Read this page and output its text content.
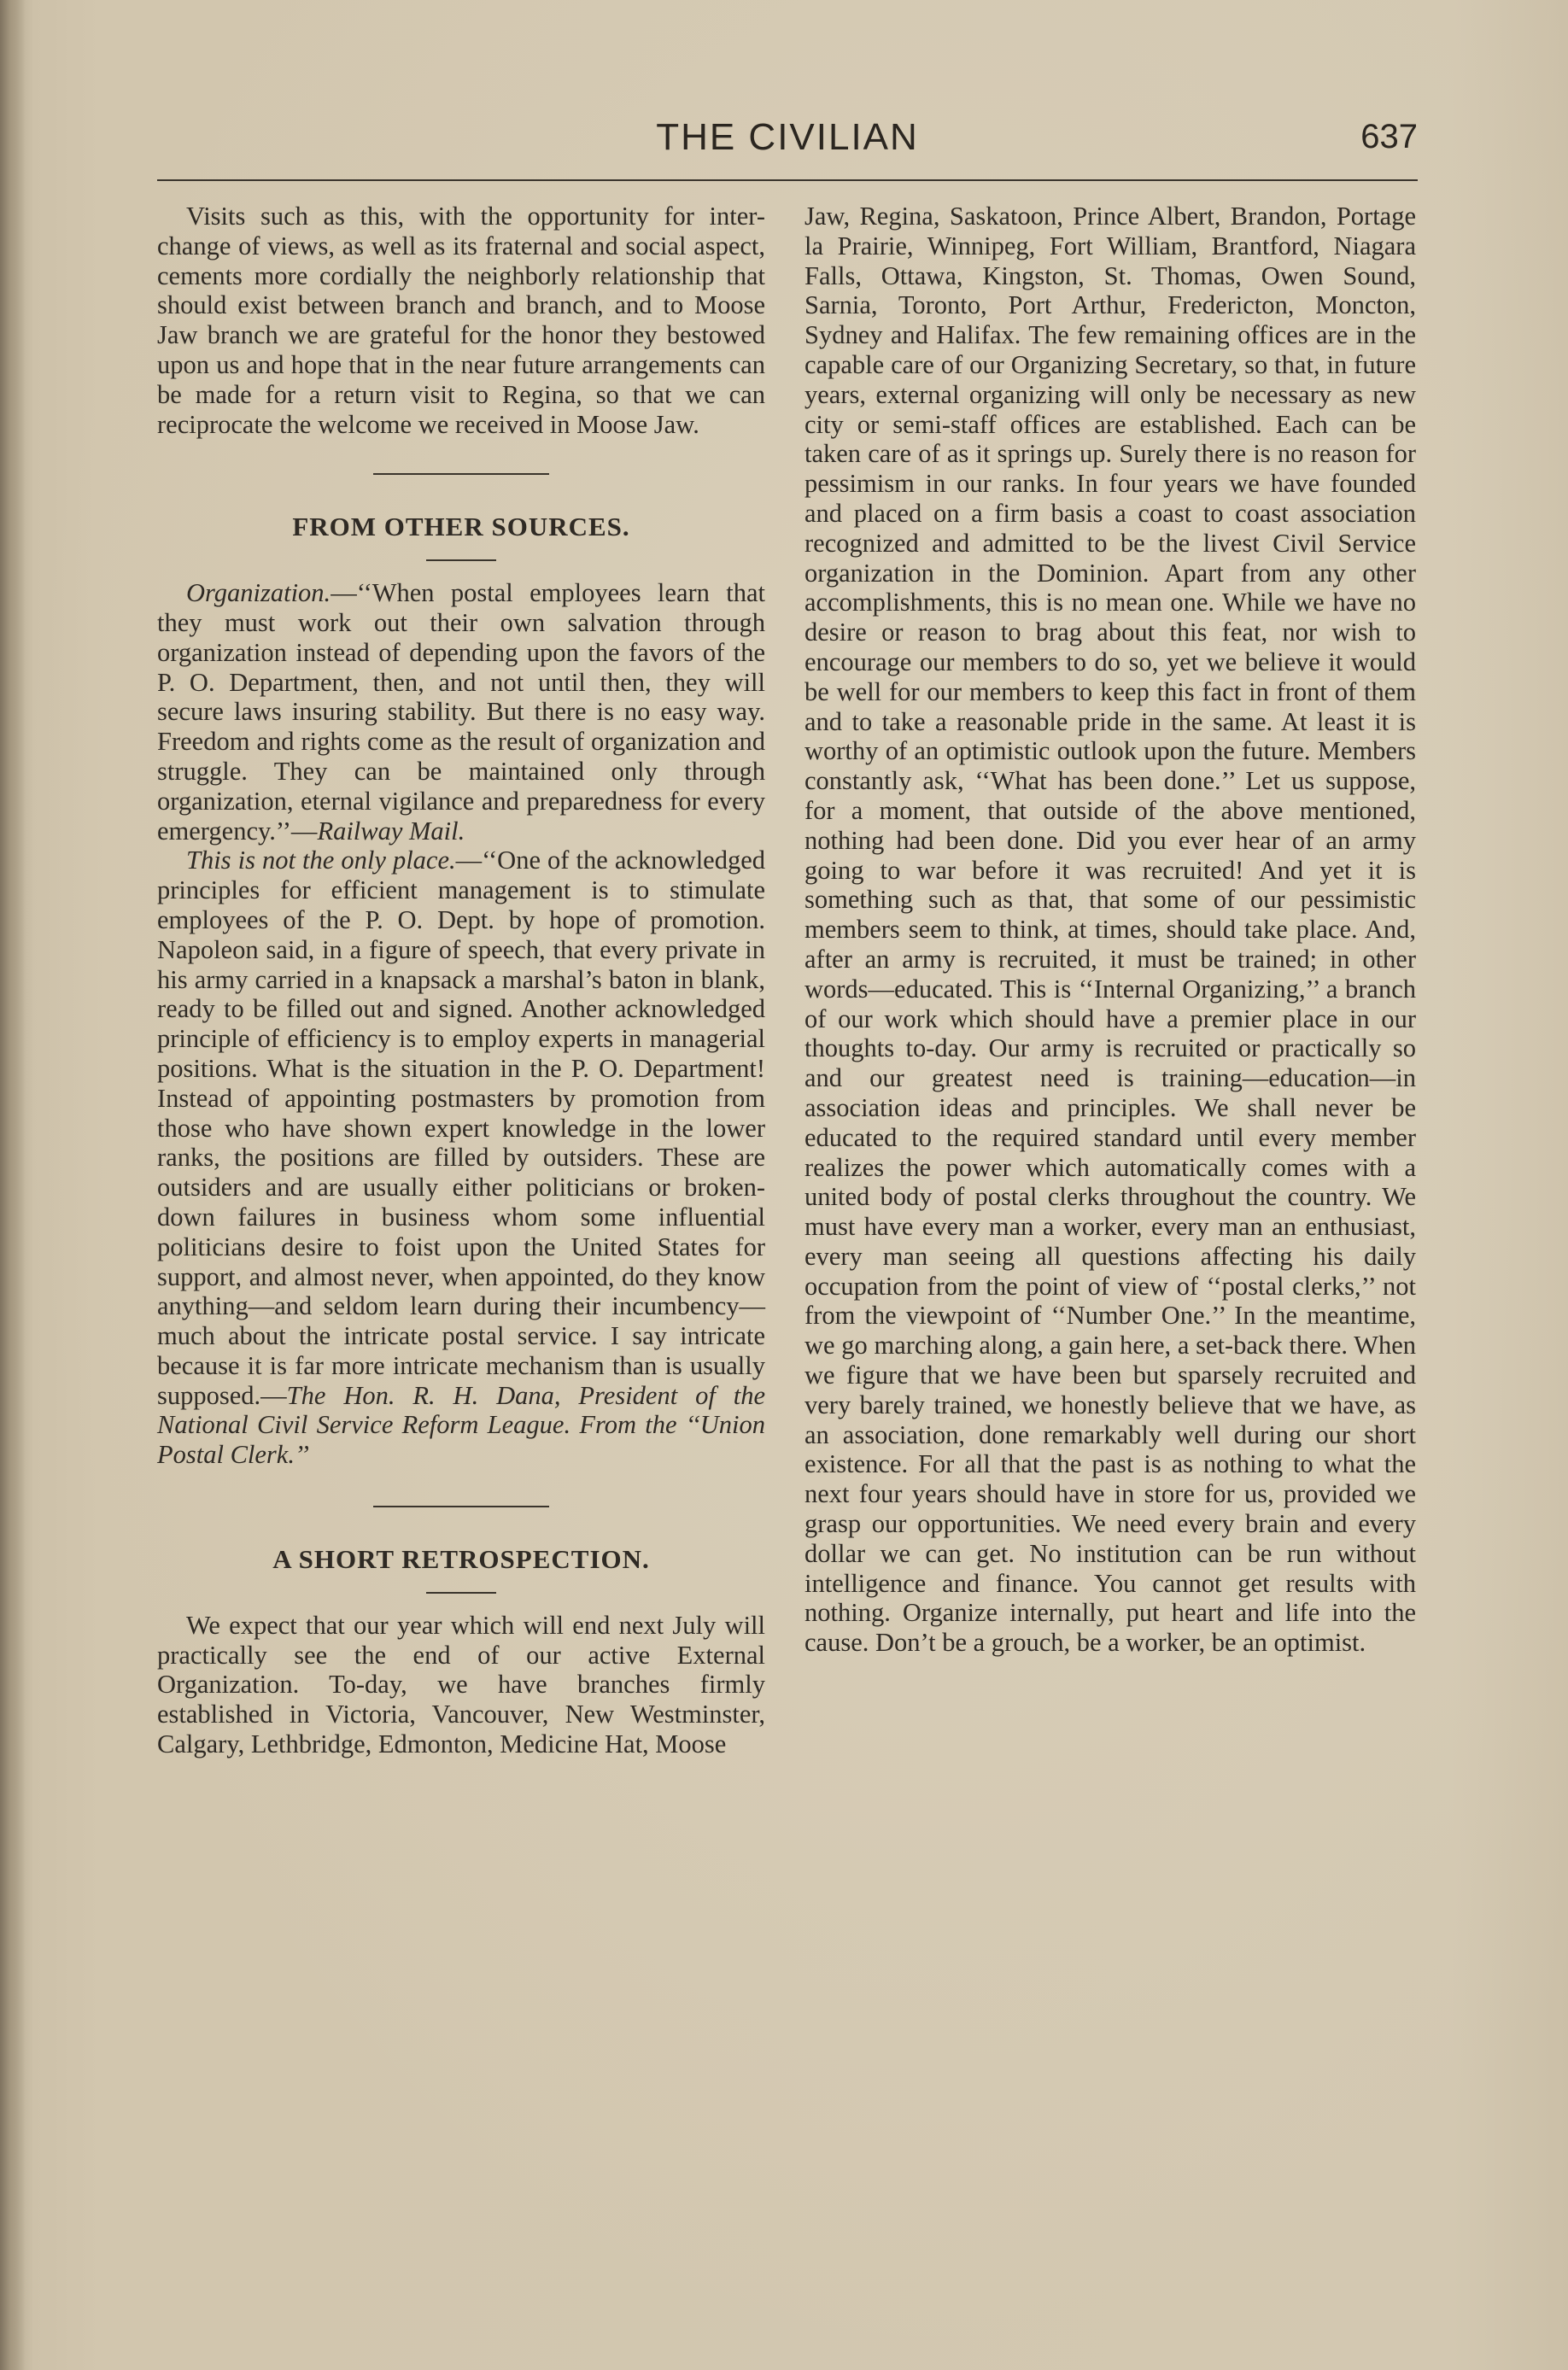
THE CIVILIAN	637

Visits such as this, with the opportunity for inter-change of views, as well as its fraternal and social aspect, cements more cordially the neighborly relationship that should exist between branch and branch, and to Moose Jaw branch we are grateful for the honor they bestowed upon us and hope that in the near future arrangements can be made for a return visit to Regina, so that we can reciprocate the welcome we received in Moose Jaw.

FROM OTHER SOURCES.

Organization.—‘‘When postal employees learn that they must work out their own salvation through organization instead of depending upon the favors of the P. O. Department, then, and not until then, they will secure laws insuring stability. But there is no easy way. Freedom and rights come as the result of organization and struggle. They can be maintained only through organization, eternal vigilance and preparedness for every emergency.’’—Railway Mail.

This is not the only place.—‘‘One of the acknowledged principles for efficient management is to stimulate employees of the P. O. Dept. by hope of promotion. Napoleon said, in a figure of speech, that every private in his army carried in a knapsack a marshal’s baton in blank, ready to be filled out and signed. Another acknowledged principle of efficiency is to employ experts in managerial positions. What is the situation in the P. O. Department! Instead of appointing postmasters by promotion from those who have shown expert knowledge in the lower ranks, the positions are filled by outsiders. These are outsiders and are usually either politicians or broken-down failures in business whom some influential politicians desire to foist upon the United States for support, and almost never, when appointed, do they know anything—and seldom learn during their incumbency—much about the intricate postal service. I say intricate because it is far more intricate mechanism than is usually supposed.—The Hon. R. H. Dana, President of the National Civil Service Reform League. From the ‘‘Union Postal Clerk.’’

A SHORT RETROSPECTION.

We expect that our year which will end next July will practically see the end of our active External Organization. To-day, we have branches firmly established in Victoria, Vancouver, New Westminster, Calgary, Lethbridge, Edmonton, Medicine Hat, Moose

Jaw, Regina, Saskatoon, Prince Albert, Brandon, Portage la Prairie, Winnipeg, Fort William, Brantford, Niagara Falls, Ottawa, Kingston, St. Thomas, Owen Sound, Sarnia, Toronto, Port Arthur, Fredericton, Moncton, Sydney and Halifax. The few remaining offices are in the capable care of our Organizing Secretary, so that, in future years, external organizing will only be necessary as new city or semi-staff offices are established. Each can be taken care of as it springs up. Surely there is no reason for pessimism in our ranks. In four years we have founded and placed on a firm basis a coast to coast association recognized and admitted to be the livest Civil Service organization in the Dominion. Apart from any other accomplishments, this is no mean one. While we have no desire or reason to brag about this feat, nor wish to encourage our members to do so, yet we believe it would be well for our members to keep this fact in front of them and to take a reasonable pride in the same. At least it is worthy of an optimistic outlook upon the future. Members constantly ask, ‘‘What has been done.’’ Let us suppose, for a moment, that outside of the above mentioned, nothing had been done. Did you ever hear of an army going to war before it was recruited! And yet it is something such as that, that some of our pessimistic members seem to think, at times, should take place. And, after an army is recruited, it must be trained; in other words—educated. This is ‘‘Internal Organizing,’’ a branch of our work which should have a premier place in our thoughts to-day. Our army is recruited or practically so and our greatest need is training—education—in association ideas and principles. We shall never be educated to the required standard until every member realizes the power which automatically comes with a united body of postal clerks throughout the country. We must have every man a worker, every man an enthusiast, every man seeing all questions affecting his daily occupation from the point of view of ‘‘postal clerks,’’ not from the viewpoint of ‘‘Number One.’’ In the meantime, we go marching along, a gain here, a set-back there. When we figure that we have been but sparsely recruited and very barely trained, we honestly believe that we have, as an association, done remarkably well during our short existence. For all that the past is as nothing to what the next four years should have in store for us, provided we grasp our opportunities. We need every brain and every dollar we can get. No institution can be run without intelligence and finance. You cannot get results with nothing. Organize internally, put heart and life into the cause. Don’t be a grouch, be a worker, be an optimist.
